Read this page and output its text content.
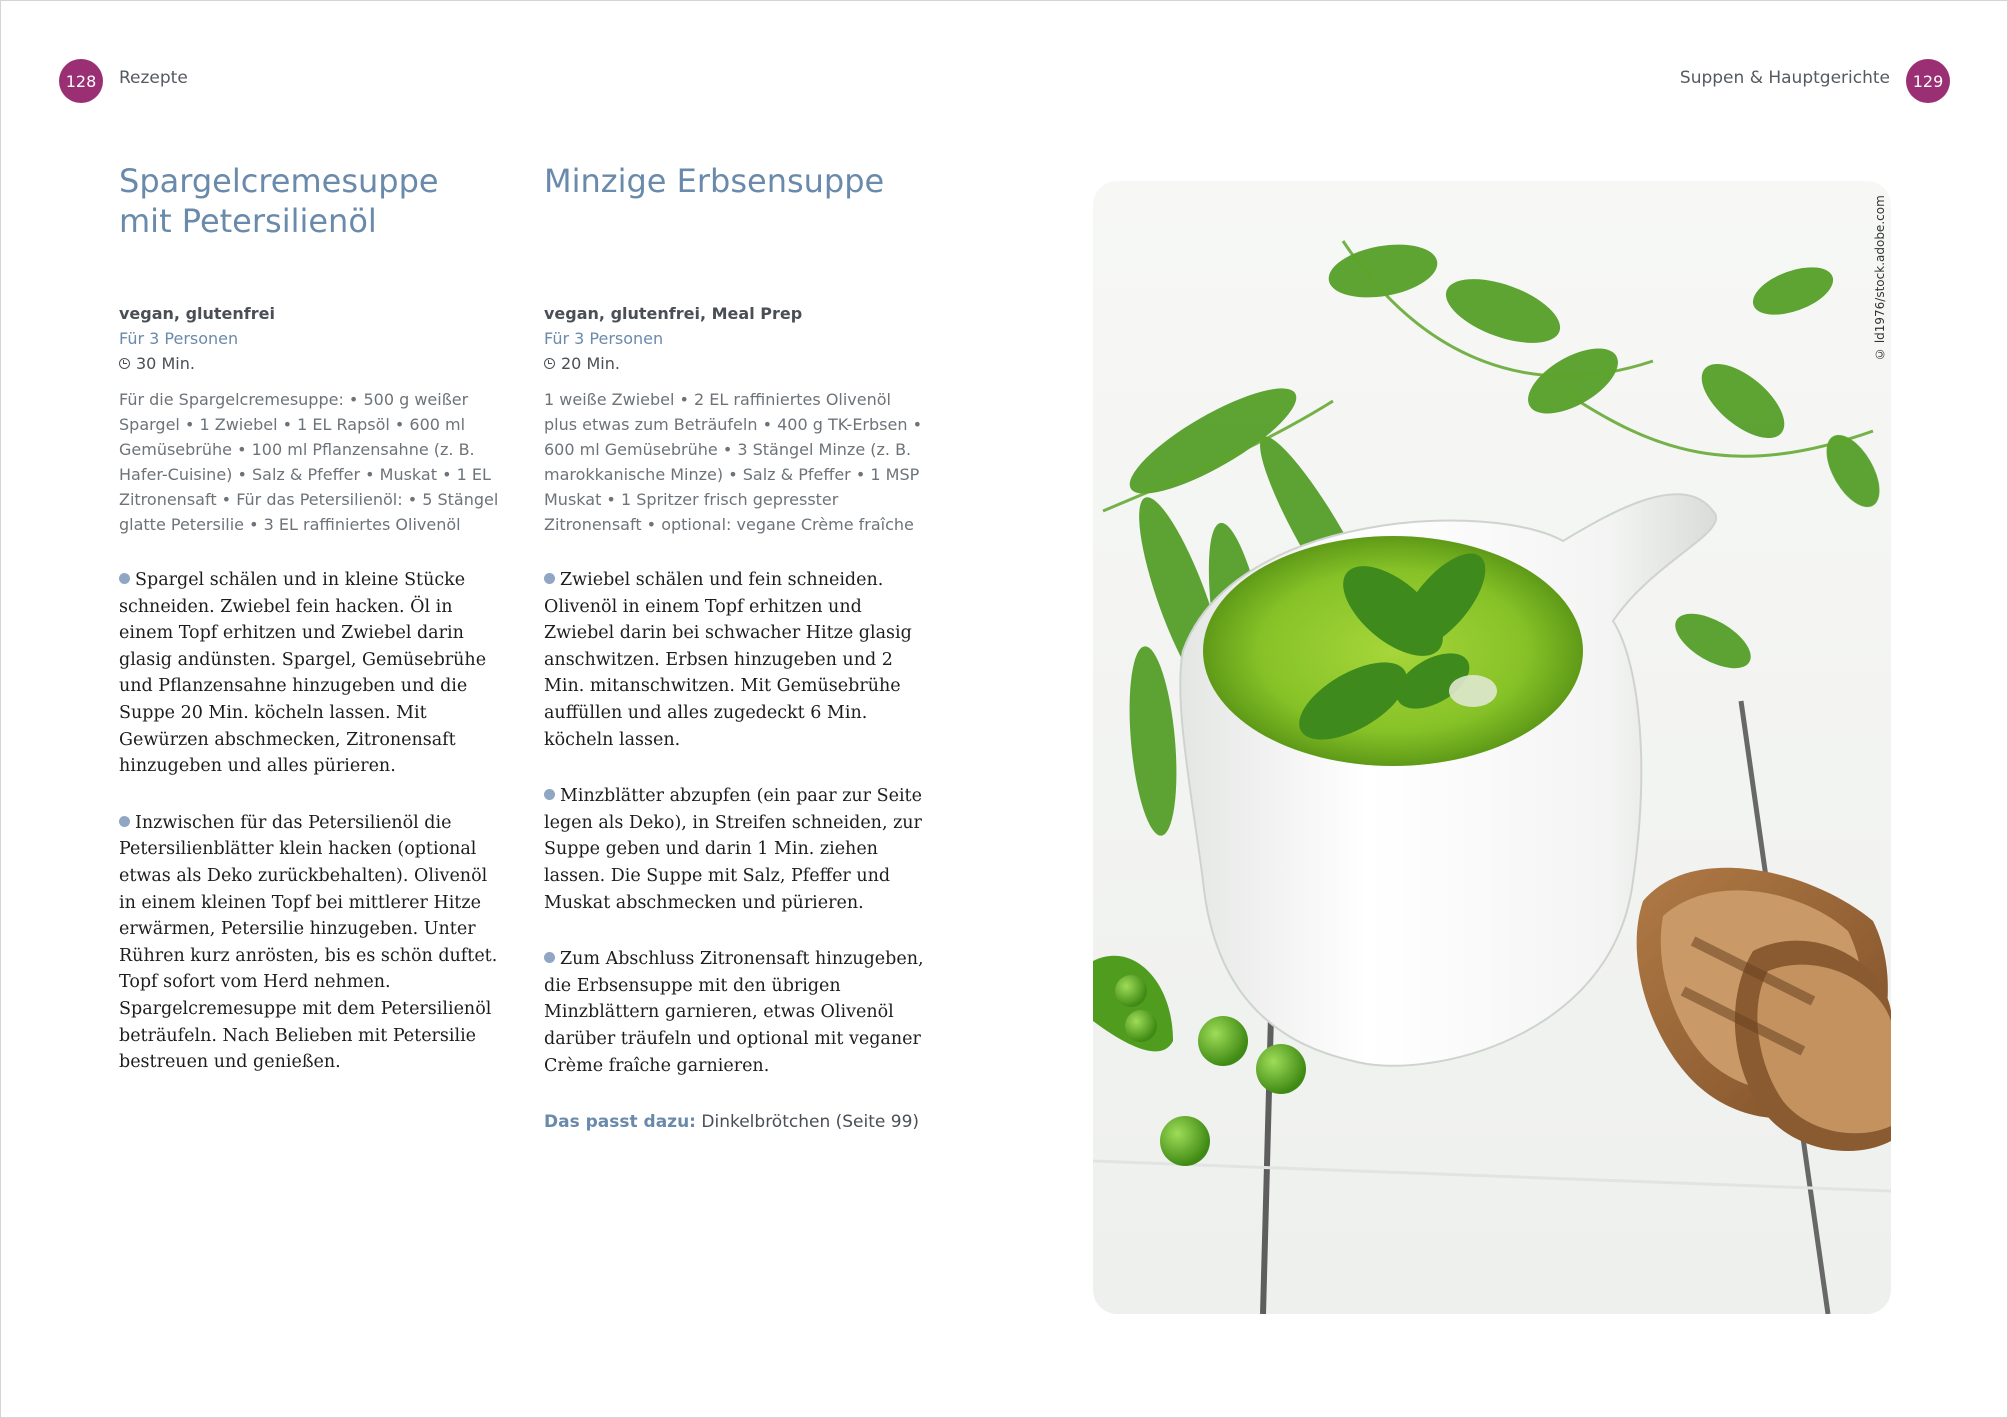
128	Rezepte	Suppen & Hauptgerichte	129
Spargelcremesuppe mit Petersilienöl
vegan, glutenfrei
Für 3 Personen
30 Min.
Für die Spargelcremesuppe: • 500 g weißer Spargel • 1 Zwiebel • 1 EL Rapsöl • 600 ml Gemüsebrühe • 100 ml Pflanzensahne (z. B. Hafer-Cuisine) • Salz & Pfeffer • Muskat • 1 EL Zitronensaft • Für das Petersilienöl: • 5 Stängel glatte Petersilie • 3 EL raffiniertes Olivenöl
Spargel schälen und in kleine Stücke schneiden. Zwiebel fein hacken. Öl in einem Topf erhitzen und Zwiebel darin glasig andünsten. Spargel, Gemüsebrühe und Pflanzensahne hinzugeben und die Suppe 20 Min. köcheln lassen. Mit Gewürzen abschmecken, Zitronensaft hinzugeben und alles pürieren.
Inzwischen für das Petersilienöl die Petersilienblätter klein hacken (optional etwas als Deko zurückbehalten). Olivenöl in einem kleinen Topf bei mittlerer Hitze erwärmen, Petersilie hinzugeben. Unter Rühren kurz anrösten, bis es schön duftet. Topf sofort vom Herd nehmen. Spargelcremesuppe mit dem Petersilienöl beträufeln. Nach Belieben mit Petersilie bestreuen und genießen.
Minzige Erbsensuppe
vegan, glutenfrei, Meal Prep
Für 3 Personen
20 Min.
1 weiße Zwiebel • 2 EL raffiniertes Olivenöl plus etwas zum Beträufeln • 400 g TK-Erbsen • 600 ml Gemüsebrühe • 3 Stängel Minze (z. B. marokkanische Minze) • Salz & Pfeffer • 1 MSP Muskat • 1 Spritzer frisch gepresster Zitronensaft • optional: vegane Crème fraîche
Zwiebel schälen und fein schneiden. Olivenöl in einem Topf erhitzen und Zwiebel darin bei schwacher Hitze glasig anschwitzen. Erbsen hinzugeben und 2 Min. mitanschwitzen. Mit Gemüsebrühe auffüllen und alles zugedeckt 6 Min. köcheln lassen.
Minzblätter abzupfen (ein paar zur Seite legen als Deko), in Streifen schneiden, zur Suppe geben und darin 1 Min. ziehen lassen. Die Suppe mit Salz, Pfeffer und Muskat abschmecken und pürieren.
Zum Abschluss Zitronensaft hinzugeben, die Erbsensuppe mit den übrigen Minzblättern garnieren, etwas Olivenöl darüber träufeln und optional mit veganer Crème fraîche garnieren.
Das passt dazu: Dinkelbrötchen (Seite 99)
© ld1976/stock.adobe.com
